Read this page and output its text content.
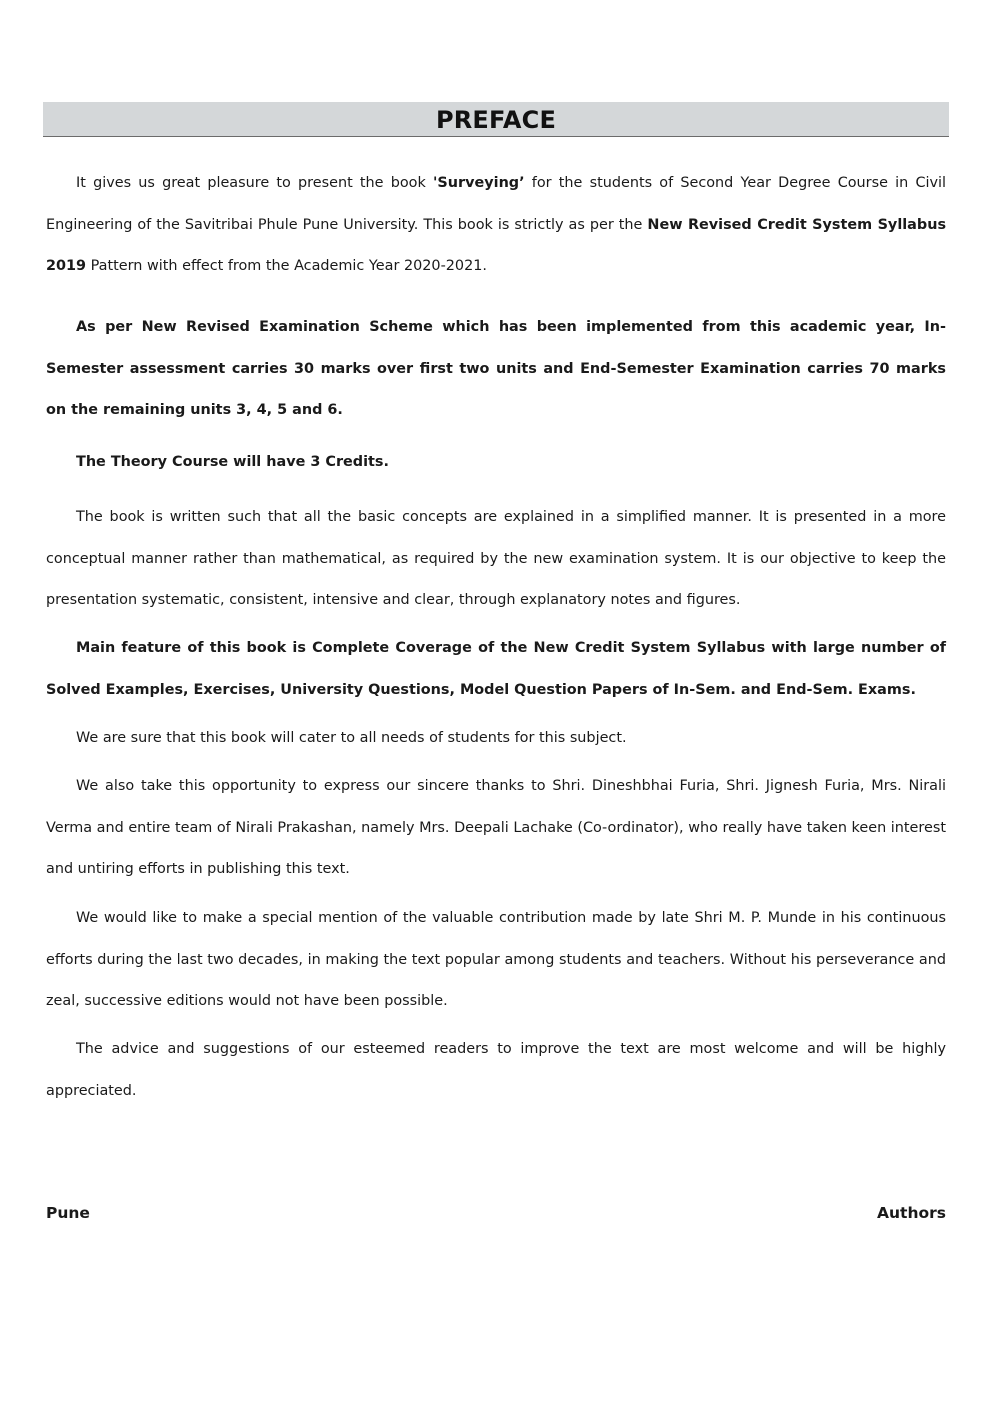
PREFACE

It gives us great pleasure to present the book 'Surveying’ for the students of Second Year Degree Course in Civil Engineering of the Savitribai Phule Pune University. This book is strictly as per the New Revised Credit System Syllabus 2019 Pattern with effect from the Academic Year 2020-2021.

As per New Revised Examination Scheme which has been implemented from this academic year, In-Semester assessment carries 30 marks over first two units and End-Semester Examination carries 70 marks on the remaining units 3, 4, 5 and 6.

The Theory Course will have 3 Credits.

The book is written such that all the basic concepts are explained in a simplified manner. It is presented in a more conceptual manner rather than mathematical, as required by the new examination system. It is our objective to keep the presentation systematic, consistent, intensive and clear, through explanatory notes and figures.

Main feature of this book is Complete Coverage of the New Credit System Syllabus with large number of Solved Examples, Exercises, University Questions, Model Question Papers of In-Sem. and End-Sem. Exams.

We are sure that this book will cater to all needs of students for this subject.

We also take this opportunity to express our sincere thanks to Shri. Dineshbhai Furia, Shri. Jignesh Furia, Mrs. Nirali Verma and entire team of Nirali Prakashan, namely Mrs. Deepali Lachake (Co-ordinator), who really have taken keen interest and untiring efforts in publishing this text.

We would like to make a special mention of the valuable contribution made by late Shri M. P. Munde in his continuous efforts during the last two decades, in making the text popular among students and teachers. Without his perseverance and zeal, successive editions would not have been possible.

The advice and suggestions of our esteemed readers to improve the text are most welcome and will be highly appreciated.

Pune	Authors
